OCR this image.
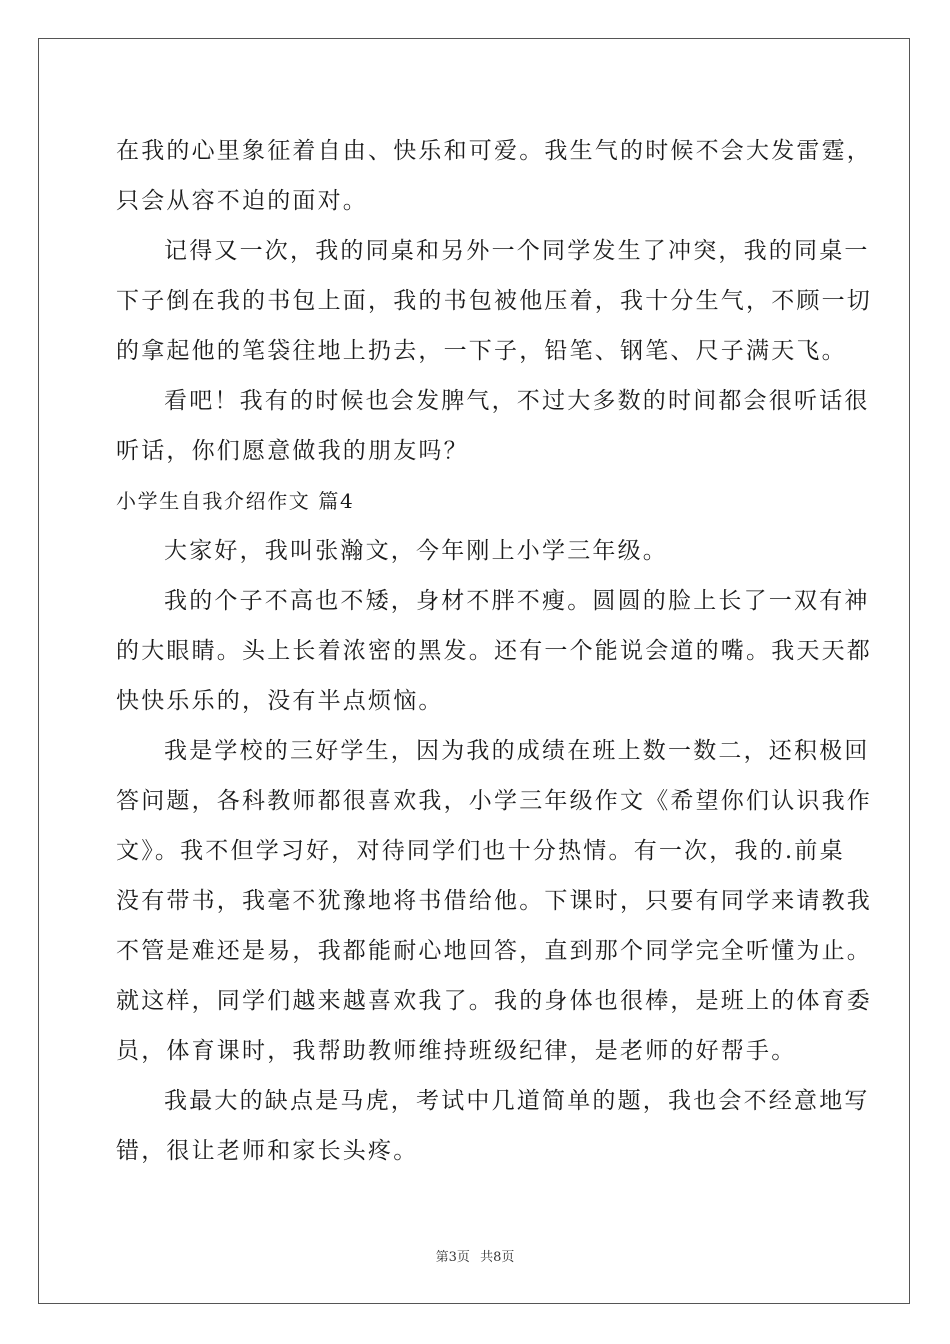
在我的心里象征着自由、快乐和可爱。我生气的时候不会大发雷霆，
只会从容不迫的面对。
记得又一次，我的同桌和另外一个同学发生了冲突，我的同桌一
下子倒在我的书包上面，我的书包被他压着，我十分生气，不顾一切
的拿起他的笔袋往地上扔去，一下子，铅笔、钢笔、尺子满天飞。
看吧！我有的时候也会发脾气，不过大多数的时间都会很听话很
听话，你们愿意做我的朋友吗？
小学生自我介绍作文 篇4
大家好，我叫张瀚文，今年刚上小学三年级。
我的个子不高也不矮，身材不胖不瘦。圆圆的脸上长了一双有神
的大眼睛。头上长着浓密的黑发。还有一个能说会道的嘴。我天天都
快快乐乐的，没有半点烦恼。
我是学校的三好学生，因为我的成绩在班上数一数二，还积极回
答问题，各科教师都很喜欢我，小学三年级作文《希望你们认识我作
文》。我不但学习好，对待同学们也十分热情。有一次，我的.前桌
没有带书，我毫不犹豫地将书借给他。下课时，只要有同学来请教我
不管是难还是易，我都能耐心地回答，直到那个同学完全听懂为止。
就这样，同学们越来越喜欢我了。我的身体也很棒，是班上的体育委
员，体育课时，我帮助教师维持班级纪律，是老师的好帮手。
我最大的缺点是马虎，考试中几道简单的题，我也会不经意地写
错，很让老师和家长头疼。
第3页 共8页
